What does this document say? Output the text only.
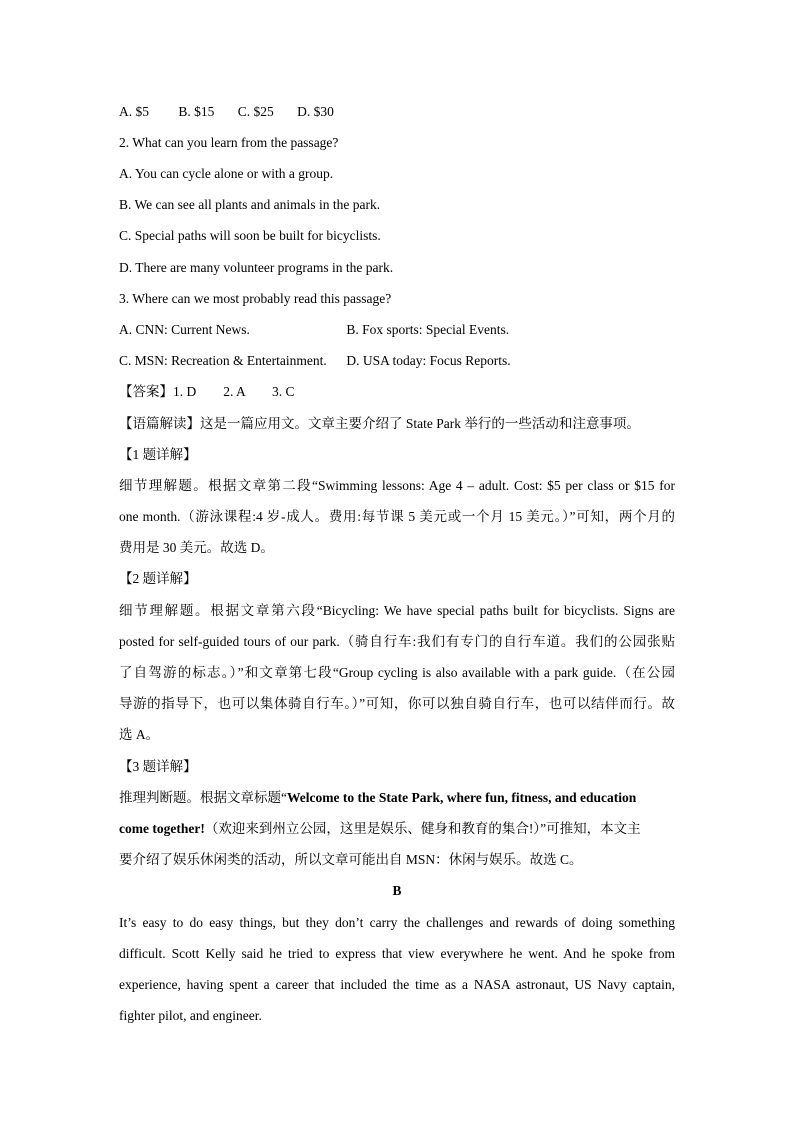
A. $5 B. $15 C. $25 D. $30
2. What can you learn from the passage?
A. You can cycle alone or with a group.
B. We can see all plants and animals in the park.
C. Special paths will soon be built for bicyclists.
D. There are many volunteer programs in the park.
3. Where can we most probably read this passage?
A. CNN: Current News.	B. Fox sports: Special Events.
C. MSN: Recreation & Entertainment. D. USA today: Focus Reports.
【答案】1. D        2. A        3. C
【语篇解读】这是一篇应用文。文章主要介绍了 State Park 举行的一些活动和注意事项。
【1 题详解】
细节理解题。根据文章第二段“Swimming lessons: Age 4 – adult. Cost: $5 per class or $15 for
one month.（游泳课程:4 岁-成人。费用:每节课 5 美元或一个月 15 美元。）”可知，两个月的
费用是 30 美元。故选 D。
【2 题详解】
细节理解题。根据文章第六段“Bicycling: We have special paths built for bicyclists. Signs are
posted for self-guided tours of our park.（骑自行车:我们有专门的自行车道。我们的公园张贴
了自驾游的标志。）”和文章第七段“Group cycling is also available with a park guide.（在公园
导游的指导下，也可以集体骑自行车。）”可知，你可以独自骑自行车，也可以结伴而行。故
选 A。
【3 题详解】
推理判断题。根据文章标题“Welcome to the State Park, where fun, fitness, and education
come together!（欢迎来到州立公园，这里是娱乐、健身和教育的集合!）”可推知，本文主
要介绍了娱乐休闲类的活动，所以文章可能出自 MSN：休闲与娱乐。故选 C。
B
It’s easy to do easy things, but they don’t carry the challenges and rewards of doing something
difficult. Scott Kelly said he tried to express that view everywhere he went. And he spoke from
experience, having spent a career that included the time as a NASA astronaut, US Navy captain,
fighter pilot, and engineer.
